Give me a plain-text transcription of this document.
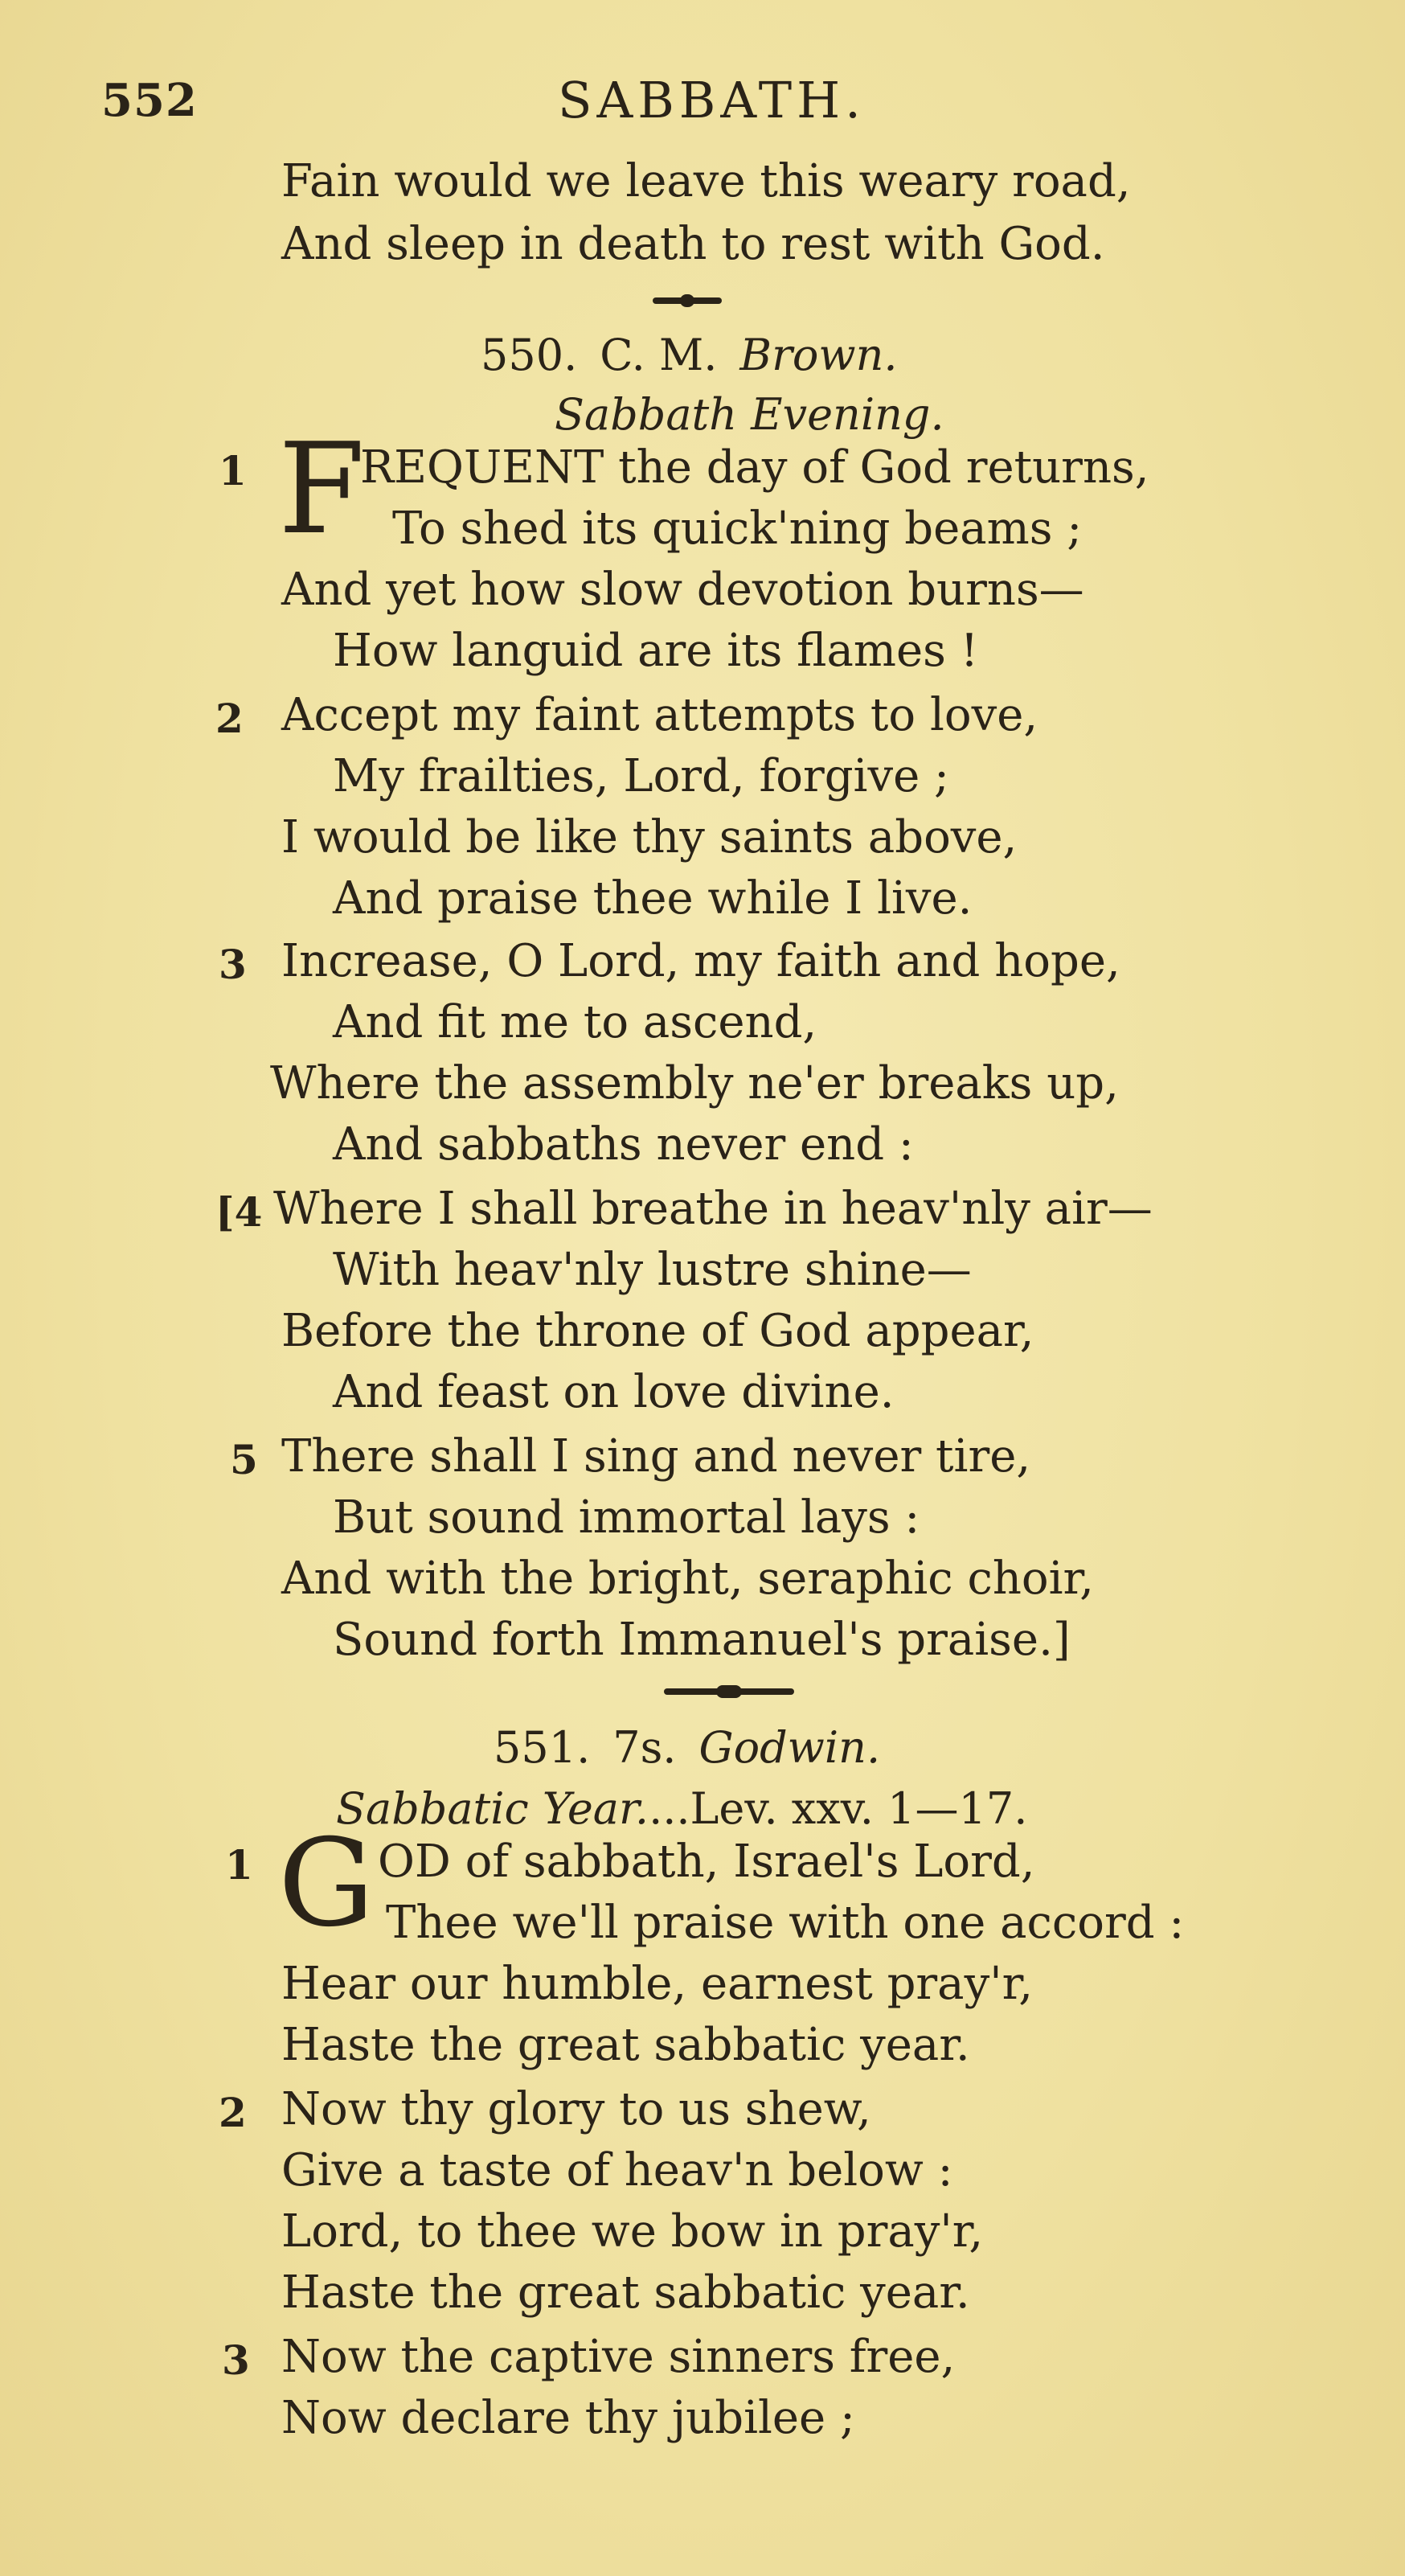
552	SABBATH.
Fain would we leave this weary road,
And sleep in death to rest with God.
550. C. M. Brown.
Sabbath Evening.
F
1	REQUENT the day of God returns,
To shed its quick'ning beams ;
And yet how slow devotion burns—
How languid are its flames !
2 Accept my faint attempts to love,
My frailties, Lord, forgive ;
I would be like thy saints above,
And praise thee while I live.
3 Increase, O Lord, my faith and hope,
And fit me to ascend,
Where the assembly ne'er breaks up,
And sabbaths never end :
[4 Where I shall breathe in heav'nly air—
With heav'nly lustre shine—
Before the throne of God appear,
And feast on love divine.
5 There shall I sing and never tire,
But sound immortal lays :
And with the bright, seraphic choir,
Sound forth Immanuel's praise.]
551. 7s. Godwin.
Sabbatic Year....Lev. xxv. 1—17.
G
1	OD of sabbath, Israel's Lord,
Thee we'll praise with one accord :
Hear our humble, earnest pray'r,
Haste the great sabbatic year.
2 Now thy glory to us shew,
Give a taste of heav'n below :
Lord, to thee we bow in pray'r,
Haste the great sabbatic year.
3 Now the captive sinners free,
Now declare thy jubilee ;
